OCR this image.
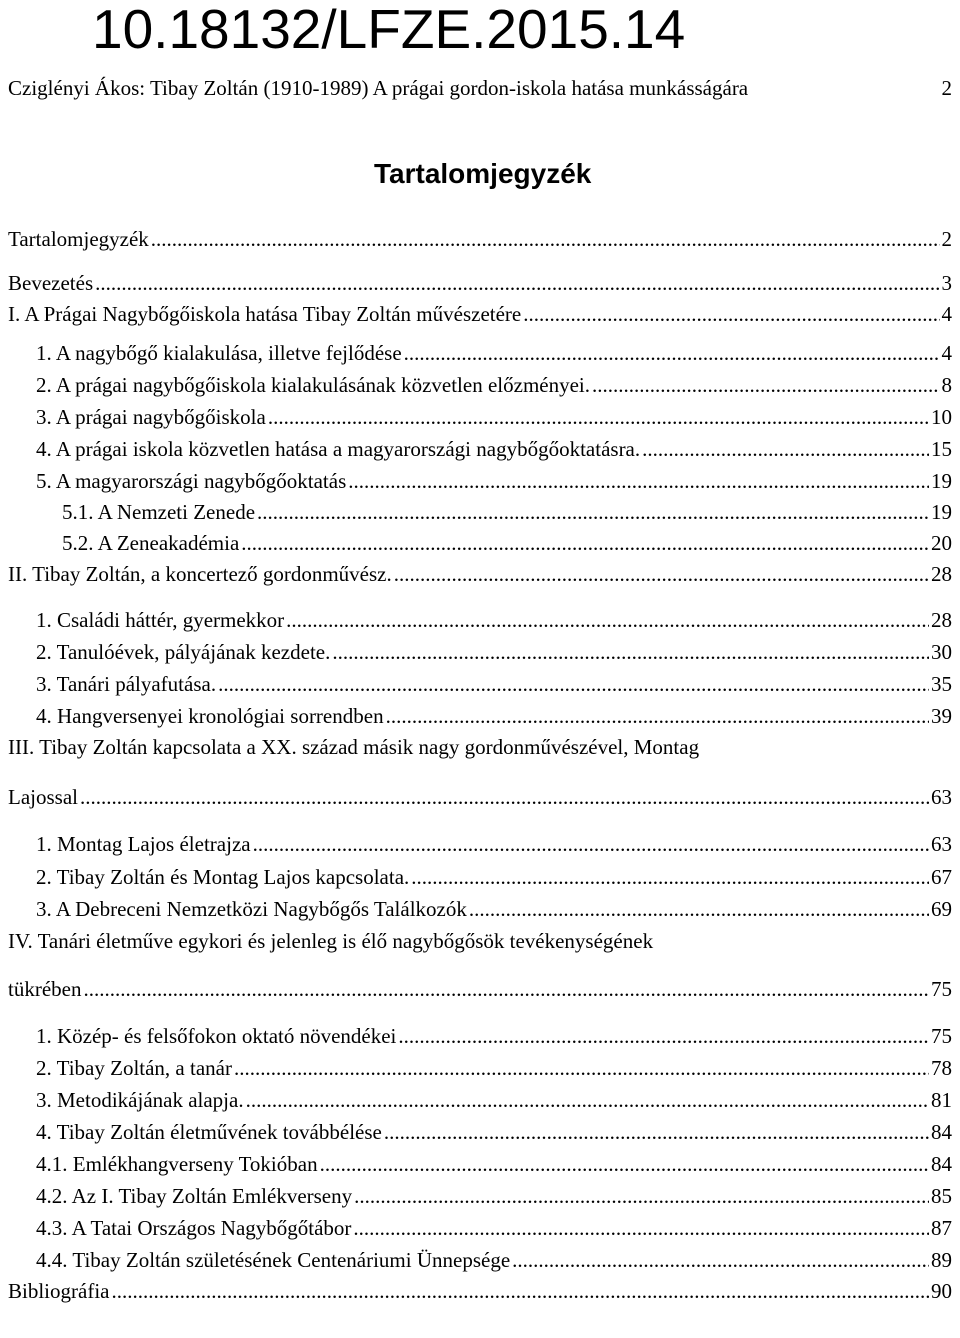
10.18132/LFZE.2015.14
Cziglényi Ákos: Tibay Zoltán (1910-1989) A prágai gordon-iskola hatása munkásságára	2
Tartalomjegyzék
Tartalomjegyzék .....	2
Bevezetés .....	3
I. A Prágai Nagybőgőiskola hatása Tibay Zoltán művészetére .....	4
1. A nagybőgő kialakulása, illetve fejlődése .....	4
2. A prágai nagybőgőiskola kialakulásának közvetlen előzményei. .....	8
3. A prágai nagybőgőiskola .....	10
4. A prágai iskola közvetlen hatása a magyarországi nagybőgőoktatásra. .....	15
5. A magyarországi nagybőgőoktatás .....	19
5.1. A Nemzeti Zenede .....	19
5.2. A Zeneakadémia .....	20
II. Tibay Zoltán, a koncertező gordonművész. .....	28
1. Családi háttér, gyermekkor .....	28
2. Tanulóévek, pályájának kezdete. .....	30
3. Tanári pályafutása. .....	35
4. Hangversenyei kronológiai sorrendben .....	39
III. Tibay Zoltán kapcsolata a XX. század másik nagy gordonművészével, Montag
Lajossal .....	63
1. Montag Lajos életrajza .....	63
2. Tibay Zoltán és Montag Lajos kapcsolata. .....	67
3. A Debreceni Nemzetközi Nagybőgős Találkozók .....	69
IV. Tanári életműve egykori és jelenleg is élő nagybőgősök tevékenységének
tükrében .....	75
1. Közép- és felsőfokon oktató növendékei .....	75
2. Tibay Zoltán, a tanár .....	78
3. Metodikájának alapja. .....	81
4. Tibay Zoltán életművének továbbélése .....	84
4.1. Emlékhangverseny Tokióban .....	84
4.2. Az I. Tibay Zoltán Emlékverseny .....	85
4.3. A Tatai Országos Nagybőgőtábor .....	87
4.4. Tibay Zoltán születésének Centenáriumi Ünnepsége .....	89
Bibliográfia .....	90
